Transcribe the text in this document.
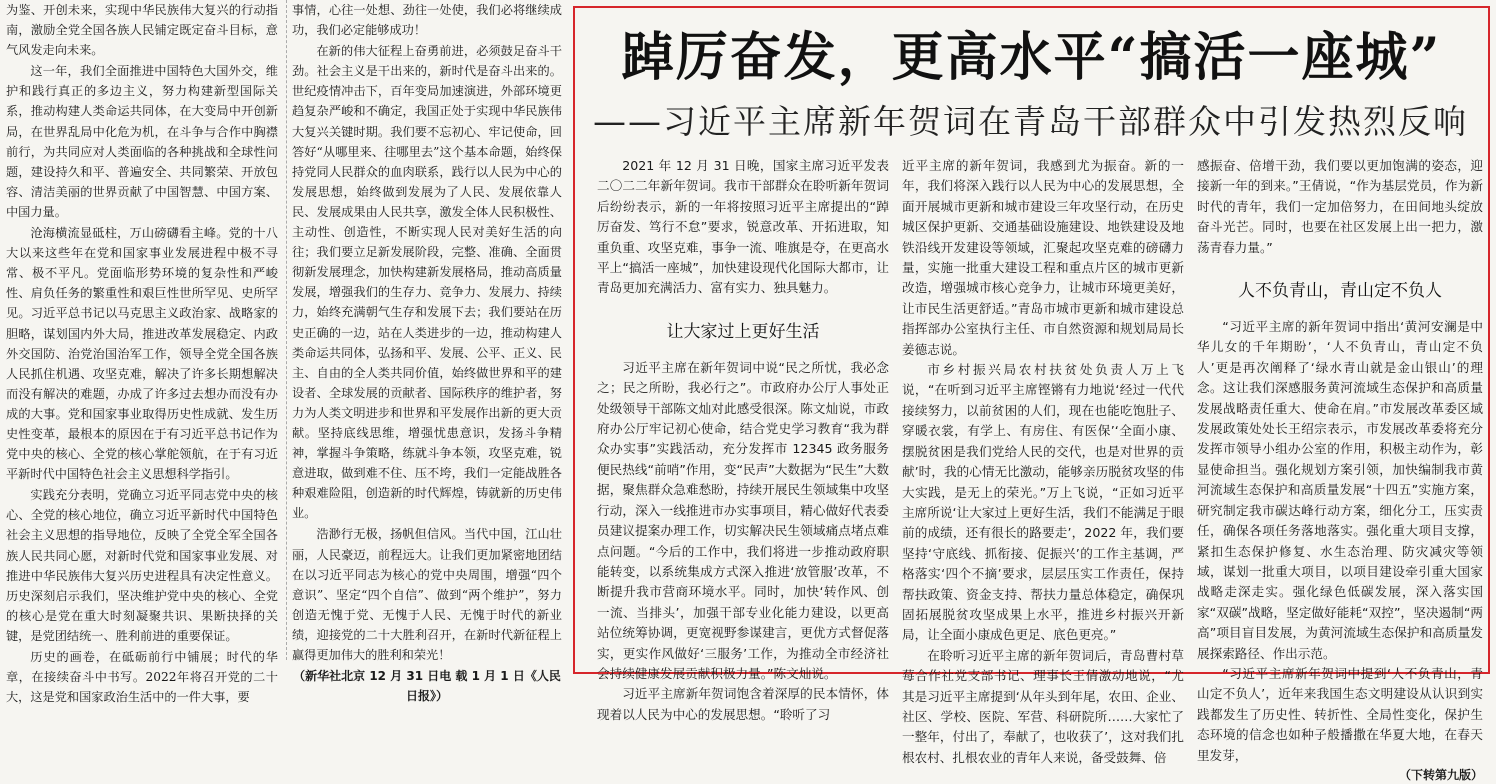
为鉴、开创未来，实现中华民族伟大复兴的行动指南，激励全党全国各族人民铺定既定奋斗目标，意气风发走向未来。

这一年，我们全面推进中国特色大国外交，维护和践行真正的多边主义，努力构建新型国际关系，推动构建人类命运共同体，在大变局中开创新局，在世界乱局中化危为机，在斗争与合作中胸襟前行，为共同应对人类面临的各种挑战和全球性问题，建设持久和平、普遍安全、共同繁荣、开放包容、清洁美丽的世界贡献了中国智慧、中国方案、中国力量。

沧海横流显砥柱，万山磅礴看主峰。党的十八大以来这些年在党和国家事业发展进程中极不寻常、极不平凡。党面临形势环境的复杂性和严峻性、肩负任务的繁重性和艰巨性世所罕见、史所罕见。习近平总书记以马克思主义政治家、战略家的胆略，谋划国内外大局，推进改革发展稳定、内政外交国防、治党治国治军工作，领导全党全国各族人民抓住机遇、攻坚克难，解决了许多长期想解决而没有解决的难题，办成了许多过去想办而没有办成的大事。党和国家事业取得历史性成就、发生历史性变革，最根本的原因在于有习近平总书记作为党中央的核心、全党的核心掌舵领航，在于有习近平新时代中国特色社会主义思想科学指引。

实践充分表明，党确立习近平同志党中央的核心、全党的核心地位，确立习近平新时代中国特色社会主义思想的指导地位，反映了全党全军全国各族人民共同心愿，对新时代党和国家事业发展、对推进中华民族伟大复兴历史进程具有决定性意义。历史深刻启示我们，坚决维护党中央的核心、全党的核心是党在重大时刻凝聚共识、果断抉择的关键，是党团结统一、胜利前进的重要保证。

历史的画卷，在砥砺前行中铺展；时代的华章，在接续奋斗中书写。2022年将召开党的二十大，这是党和国家政治生活中的一件大事，要

事情，心往一处想、劲往一处使，我们必将继续成功，我们必定能够成功！

在新的伟大征程上奋勇前进，必须鼓足奋斗干劲。社会主义是干出来的，新时代是奋斗出来的。世纪疫情冲击下，百年变局加速演进，外部环境更趋复杂严峻和不确定，我国正处于实现中华民族伟大复兴关键时期。我们要不忘初心、牢记使命，回答好“从哪里来、往哪里去”这个基本命题，始终保持党同人民群众的血肉联系，践行以人民为中心的发展思想，始终做到发展为了人民、发展依靠人民、发展成果由人民共享，激发全体人民积极性、主动性、创造性，不断实现人民对美好生活的向往；我们要立足新发展阶段，完整、准确、全面贯彻新发展理念，加快构建新发展格局，推动高质量发展，增强我们的生存力、竞争力、发展力、持续力，始终充满朝气生存和发展下去；我们要站在历史正确的一边，站在人类进步的一边，推动构建人类命运共同体，弘扬和平、发展、公平、正义、民主、自由的全人类共同价值，始终做世界和平的建设者、全球发展的贡献者、国际秩序的维护者，努力为人类文明进步和世界和平发展作出新的更大贡献。坚持底线思维，增强忧患意识，发扬斗争精神，掌握斗争策略，练就斗争本领，攻坚克难，锐意进取，做到难不住、压不垮，我们一定能战胜各种艰难险阻，创造新的时代辉煌，铸就新的历史伟业。

浩渺行无极，扬帆但信风。当代中国，江山壮丽，人民豪迈，前程远大。让我们更加紧密地团结在以习近平同志为核心的党中央周围，增强“四个意识”、坚定“四个自信”、做到“两个维护”，努力创造无愧于党、无愧于人民、无愧于时代的新业绩，迎接党的二十大胜利召开，在新时代新征程上赢得更加伟大的胜利和荣光！

（新华社北京 12 月 31 日电 载 1 月 1 日《人民日报》）

踔厉奋发，更高水平“搞活一座城”
——习近平主席新年贺词在青岛干部群众中引发热烈反响

2021 年 12 月 31 日晚，国家主席习近平发表二〇二二年新年贺词。我市干部群众在聆听新年贺词后纷纷表示，新的一年将按照习近平主席提出的“踔厉奋发、笃行不怠”要求，锐意改革、开拓进取，知重负重、攻坚克难，事争一流、唯旗是夺，在更高水平上“搞活一座城”，加快建设现代化国际大都市，让青岛更加充满活力、富有实力、独具魅力。

让大家过上更好生活

习近平主席在新年贺词中说“民之所忧，我必念之；民之所盼，我必行之”。市政府办公厅人事处正处级领导干部陈文灿对此感受很深。陈文灿说，市政府办公厅牢记初心使命，结合党史学习教育“我为群众办实事”实践活动，充分发挥市 12345 政务服务便民热线“前哨”作用，变“民声”大数据为“民生”大数据，聚焦群众急难愁盼，持续开展民生领域集中攻坚行动，深入一线推进市办实事项目，精心做好代表委员建议提案办理工作，切实解决民生领域痛点堵点难点问题。“今后的工作中，我们将进一步推动政府职能转变，以系统集成方式深入推进‘放管服’改革，不断提升我市营商环境水平。同时，加快‘转作风、创一流、当排头’，加强干部专业化能力建设，以更高站位统筹协调，更宽视野参谋建言，更优方式督促落实，更实作风做好‘三服务’工作，为推动全市经济社会持续健康发展贡献积极力量。”陈文灿说。

习近平主席新年贺词饱含着深厚的民本情怀，体现着以人民为中心的发展思想。“聆听了习

近平主席的新年贺词，我感到尤为振奋。新的一年，我们将深入践行以人民为中心的发展思想，全面开展城市更新和城市建设三年攻坚行动，在历史城区保护更新、交通基础设施建设、地铁建设及地铁沿线开发建设等领域，汇聚起攻坚克难的磅礴力量，实施一批重大建设工程和重点片区的城市更新改造，增强城市核心竞争力，让城市环境更美好，让市民生活更舒适。”青岛市城市更新和城市建设总指挥部办公室执行主任、市自然资源和规划局局长姜德志说。

市乡村振兴局农村扶贫处负责人万上飞说，“在听到习近平主席铿锵有力地说‘经过一代代接续努力，以前贫困的人们，现在也能吃饱肚子、穿暖衣裳，有学上、有房住、有医保’‘全面小康、摆脱贫困是我们党给人民的交代，也是对世界的贡献’时，我的心情无比激动，能够亲历脱贫攻坚的伟大实践，是无上的荣光。”万上飞说，“正如习近平主席所说‘让大家过上更好生活，我们不能满足于眼前的成绩，还有很长的路要走’，2022 年，我们要坚持‘守底线、抓衔接、促振兴’的工作主基调，严格落实‘四个不摘’要求，层层压实工作责任，保持帮扶政策、资金支持、帮扶力量总体稳定，确保巩固拓展脱贫攻坚成果上水平，推进乡村振兴开新局，让全面小康成色更足、底色更亮。”

在聆听习近平主席的新年贺词后，青岛曹村草莓合作社党支部书记、理事长王倩激动地说，“尤其是习近平主席提到‘从年头到年尾，农田、企业、社区、学校、医院、军营、科研院所……大家忙了一整年，付出了，奉献了，也收获了’，这对我们扎根农村、扎根农业的青年人来说，备受鼓舞、倍

感振奋、倍增干劲，我们要以更加饱满的姿态，迎接新一年的到来。”王倩说，“作为基层党员，作为新时代的青年，我们一定加倍努力，在田间地头绽放奋斗光芒。同时，也要在社区发展上出一把力，激荡青春力量。”

人不负青山，青山定不负人

“习近平主席的新年贺词中指出‘黄河安澜是中华儿女的千年期盼’，‘人不负青山，青山定不负人’更是再次阐释了‘绿水青山就是金山银山’的理念。这让我们深感服务黄河流域生态保护和高质量发展战略责任重大、使命在肩。”市发展改革委区域发展政策处处长王绍宗表示，市发展改革委将充分发挥市领导小组办公室的作用，积极主动作为，彰显使命担当。强化规划方案引领，加快编制我市黄河流域生态保护和高质量发展“十四五”实施方案，研究制定我市碳达峰行动方案，细化分工，压实责任，确保各项任务落地落实。强化重大项目支撑，紧扣生态保护修复、水生态治理、防灾减灾等领域，谋划一批重大项目，以项目建设牵引重大国家战略走深走实。强化绿色低碳发展，深入落实国家“双碳”战略，坚定做好能耗“双控”，坚决遏制“两高”项目盲目发展，为黄河流域生态保护和高质量发展探索路径、作出示范。

“习近平主席新年贺词中提到‘人不负青山，青山定不负人’，近年来我国生态文明建设从认识到实践都发生了历史性、转折性、全局性变化，保护生态环境的信念也如种子般播撒在华夏大地，在春天里发芽，

（下转第九版）
